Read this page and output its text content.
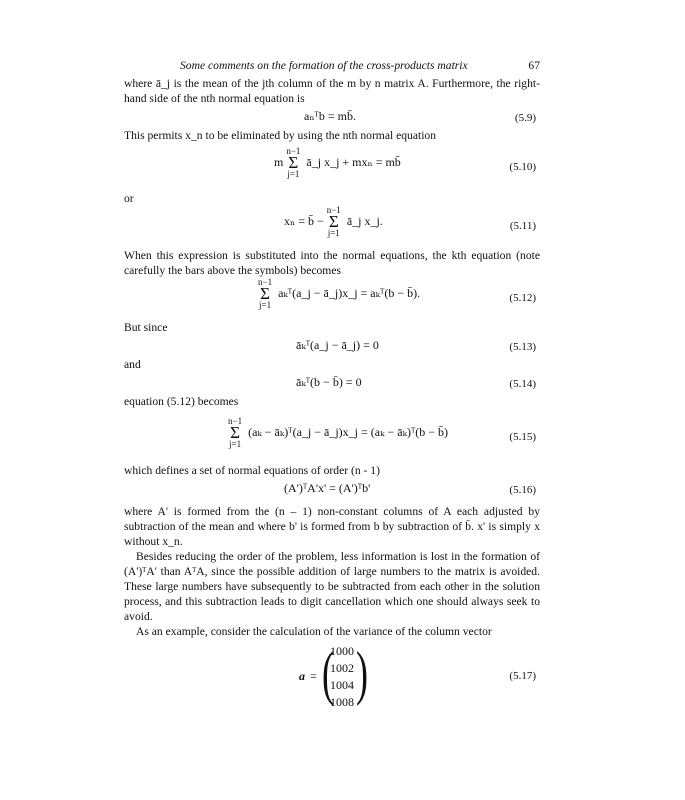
Some comments on the formation of the cross-products matrix	67

where ā_j is the mean of the jth column of the m by n matrix A. Furthermore, the right-hand side of the nth normal equation is

aₙᵀb = mb̄.	(5.9)

This permits x_n to be eliminated by using the nth normal equation

m n−1
Σ
j=1 ā_j x_j + mxₙ = mb̄	(5.10)

or

xₙ = b̄ − n−1
Σ
j=1 ā_j x_j.	(5.11)

When this expression is substituted into the normal equations, the kth equation (note carefully the bars above the symbols) becomes

n−1
Σ
j=1 aₖᵀ(a_j − ā_j)x_j = aₖᵀ(b − b̄).	(5.12)

But since

āₖᵀ(a_j − ā_j) = 0	(5.13)

and

āₖᵀ(b − b̄) = 0	(5.14)

equation (5.12) becomes

n−1
Σ
j=1 (aₖ − āₖ)ᵀ(a_j − ā_j)x_j = (aₖ − āₖ)ᵀ(b − b̄)	(5.15)

which defines a set of normal equations of order (n - 1)

(A')ᵀA'x' = (A')ᵀb'	(5.16)

where A' is formed from the (n – 1) non-constant columns of A each adjusted by subtraction of the mean and where b' is formed from b by subtraction of b̄. x' is simply x without x_n.

Besides reducing the order of the problem, less information is lost in the formation of (A')ᵀA' than AᵀA, since the possible addition of large numbers to the matrix is avoided. These large numbers have subsequently to be subtracted from each other in the solution process, and this subtraction leads to digit cancellation which one should always seek to avoid.

As an example, consider the calculation of the variance of the column vector

a = (
1000
1002
1004
1008 )	(5.17)
